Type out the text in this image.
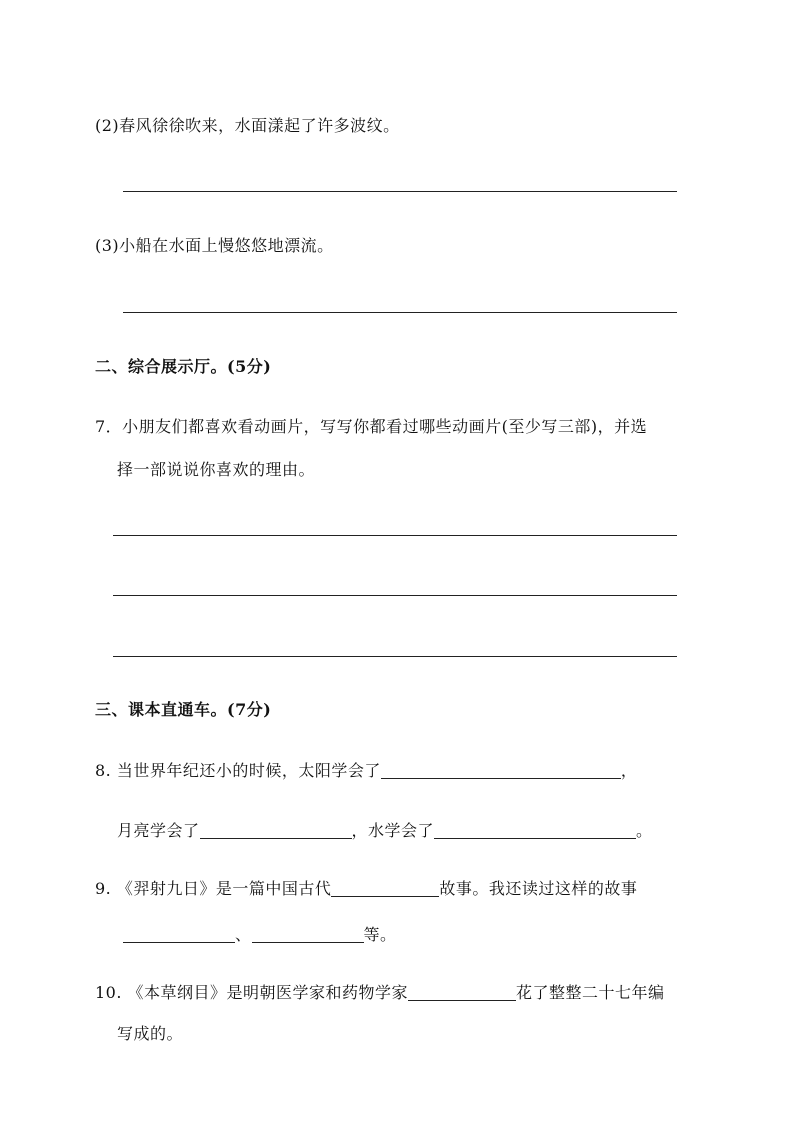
(2)春风徐徐吹来，水面漾起了许多波纹。
(3)小船在水面上慢悠悠地漂流。
二、综合展示厅。(5分)
7．小朋友们都喜欢看动画片，写写你都看过哪些动画片(至少写三部)，并选
择一部说说你喜欢的理由。
三、课本直通车。(7分)
8. 当世界年纪还小的时候，太阳学会了	，
月亮学会了	，水学会了	。
9. 《羿射九日》是一篇中国古代	故事。我还读过这样的故事
、	等。
10. 《本草纲目》是明朝医学家和药物学家	花了整整二十七年编
写成的。
